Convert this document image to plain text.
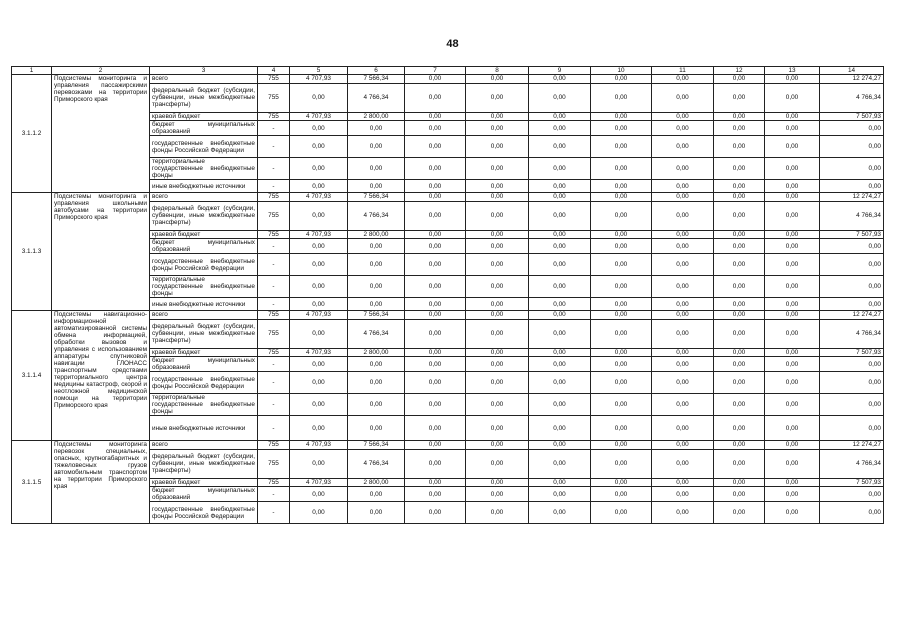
48
1	2	3	4	5	6	7	8	9	10	11	12	13	14
3.1.1.2	Подсистемы мониторинга и управления пассажирскими перевозками на территории Приморского края	всего	755	4 707,93	7 566,34	0,00	0,00	0,00	0,00	0,00	0,00	0,00	12 274,27
		федеральный бюджет (субсидии, субвенции, иные межбюджетные трансферты)	755	0,00	4 766,34	0,00	0,00	0,00	0,00	0,00	0,00	0,00	4 766,34
		краевой бюджет	755	4 707,93	2 800,00	0,00	0,00	0,00	0,00	0,00	0,00	0,00	7 507,93
		бюджет муниципальных образований	-	0,00	0,00	0,00	0,00	0,00	0,00	0,00	0,00	0,00	0,00
		государственные внебюджетные фонды Российской Федерации	-	0,00	0,00	0,00	0,00	0,00	0,00	0,00	0,00	0,00	0,00
		территориальные государственные внебюджетные фонды	-	0,00	0,00	0,00	0,00	0,00	0,00	0,00	0,00	0,00	0,00
		иные внебюджетные источники	-	0,00	0,00	0,00	0,00	0,00	0,00	0,00	0,00	0,00	0,00
3.1.1.3	Подсистемы мониторинга и управления школьными автобусами на территории Приморского края	всего	755	4 707,93	7 566,34	0,00	0,00	0,00	0,00	0,00	0,00	0,00	12 274,27
		федеральный бюджет (субсидии, субвенции, иные межбюджетные трансферты)	755	0,00	4 766,34	0,00	0,00	0,00	0,00	0,00	0,00	0,00	4 766,34
		краевой бюджет	755	4 707,93	2 800,00	0,00	0,00	0,00	0,00	0,00	0,00	0,00	7 507,93
		бюджет муниципальных образований	-	0,00	0,00	0,00	0,00	0,00	0,00	0,00	0,00	0,00	0,00
		государственные внебюджетные фонды Российской Федерации	-	0,00	0,00	0,00	0,00	0,00	0,00	0,00	0,00	0,00	0,00
		территориальные государственные внебюджетные фонды	-	0,00	0,00	0,00	0,00	0,00	0,00	0,00	0,00	0,00	0,00
		иные внебюджетные источники	-	0,00	0,00	0,00	0,00	0,00	0,00	0,00	0,00	0,00	0,00
3.1.1.4	Подсистемы навигационно-информационной автоматизированной системы обмена информацией, обработки вызовов и управления с использованием аппаратуры спутниковой навигации ГЛОНАСС транспортным средствами территориального центра медицины катастроф, скорой и неотложной медицинской помощи на территории Приморского края	всего	755	4 707,93	7 566,34	0,00	0,00	0,00	0,00	0,00	0,00	0,00	12 274,27
		федеральный бюджет (субсидии, субвенции, иные межбюджетные трансферты)	755	0,00	4 766,34	0,00	0,00	0,00	0,00	0,00	0,00	0,00	4 766,34
		краевой бюджет	755	4 707,93	2 800,00	0,00	0,00	0,00	0,00	0,00	0,00	0,00	7 507,93
		бюджет муниципальных образований	-	0,00	0,00	0,00	0,00	0,00	0,00	0,00	0,00	0,00	0,00
		государственные внебюджетные фонды Российской Федерации	-	0,00	0,00	0,00	0,00	0,00	0,00	0,00	0,00	0,00	0,00
		территориальные государственные внебюджетные фонды	-	0,00	0,00	0,00	0,00	0,00	0,00	0,00	0,00	0,00	0,00
		иные внебюджетные источники	-	0,00	0,00	0,00	0,00	0,00	0,00	0,00	0,00	0,00	0,00
3.1.1.5	Подсистемы мониторинга перевозок специальных, опасных, крупногабаритных и тяжеловесных грузов автомобильным транспортом на территории Приморского края	всего	755	4 707,93	7 566,34	0,00	0,00	0,00	0,00	0,00	0,00	0,00	12 274,27
		федеральный бюджет (субсидии, субвенции, иные межбюджетные трансферты)	755	0,00	4 766,34	0,00	0,00	0,00	0,00	0,00	0,00	0,00	4 766,34
		краевой бюджет	755	4 707,93	2 800,00	0,00	0,00	0,00	0,00	0,00	0,00	0,00	7 507,93
		бюджет муниципальных образований	-	0,00	0,00	0,00	0,00	0,00	0,00	0,00	0,00	0,00	0,00
		государственные внебюджетные фонды Российской Федерации	-	0,00	0,00	0,00	0,00	0,00	0,00	0,00	0,00	0,00	0,00
